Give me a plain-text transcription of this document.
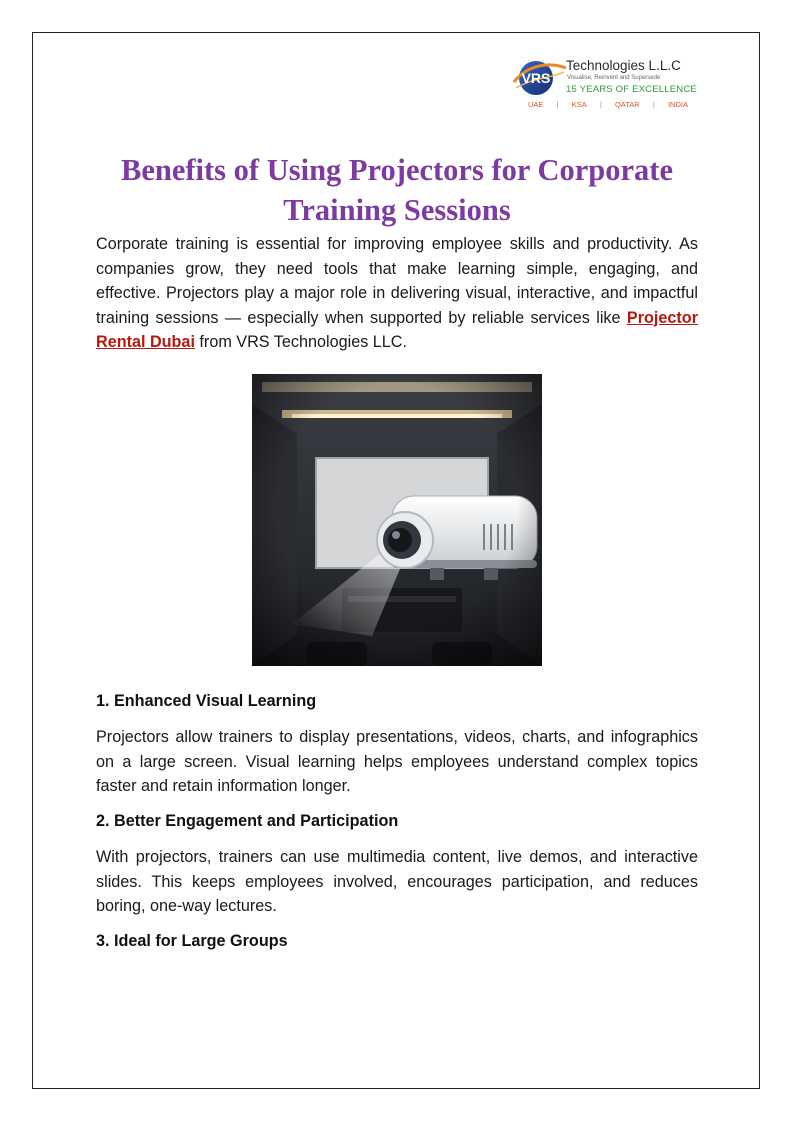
VRS
Technologies L.L.C
Visualise, Reinvent and Supersede
15 YEARS OF EXCELLENCE
UAE | KSA | QATAR | INDIA
Benefits of Using Projectors for Corporate Training Sessions

Corporate training is essential for improving employee skills and productivity. As companies grow, they need tools that make learning simple, engaging, and effective. Projectors play a major role in delivering visual, interactive, and impactful training sessions — especially when supported by reliable services like Projector Rental Dubai from VRS Technologies LLC.

1. Enhanced Visual Learning

Projectors allow trainers to display presentations, videos, charts, and infographics on a large screen. Visual learning helps employees understand complex topics faster and retain information longer.

2. Better Engagement and Participation

With projectors, trainers can use multimedia content, live demos, and interactive slides. This keeps employees involved, encourages participation, and reduces boring, one-way lectures.

3. Ideal for Large Groups
